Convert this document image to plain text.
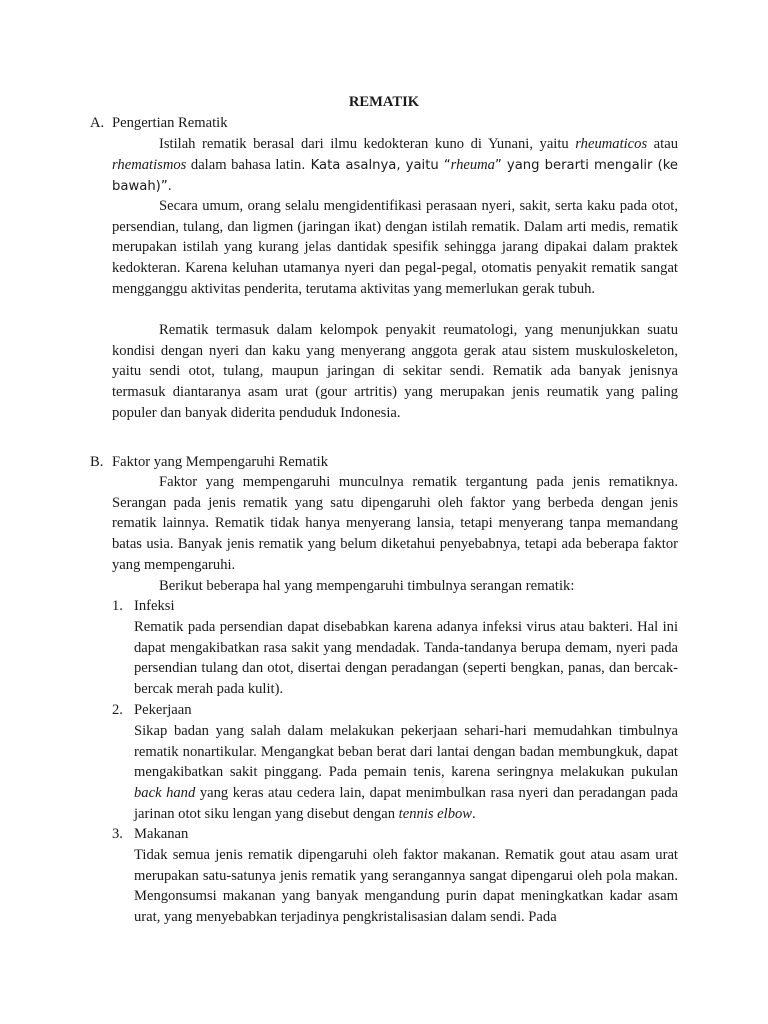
REMATIK

A. Pengertian Rematik

Istilah rematik berasal dari ilmu kedokteran kuno di Yunani, yaitu rheumaticos atau rhematismos dalam bahasa latin. Kata asalnya, yaitu “rheuma” yang berarti mengalir (ke bawah)”.

Secara umum, orang selalu mengidentifikasi perasaan nyeri, sakit, serta kaku pada otot, persendian, tulang, dan ligmen (jaringan ikat) dengan istilah rematik. Dalam arti medis, rematik merupakan istilah yang kurang jelas dantidak spesifik sehingga jarang dipakai dalam praktek kedokteran. Karena keluhan utamanya nyeri dan pegal-pegal, otomatis penyakit rematik sangat mengganggu aktivitas penderita, terutama aktivitas yang memerlukan gerak tubuh.

Rematik termasuk dalam kelompok penyakit reumatologi, yang menunjukkan suatu kondisi dengan nyeri dan kaku yang menyerang anggota gerak atau sistem muskuloskeleton, yaitu sendi otot, tulang, maupun jaringan di sekitar sendi. Rematik ada banyak jenisnya termasuk diantaranya asam urat (gour artritis) yang merupakan jenis reumatik yang paling populer dan banyak diderita penduduk Indonesia.

B. Faktor yang Mempengaruhi Rematik

Faktor yang mempengaruhi munculnya rematik tergantung pada jenis rematiknya. Serangan pada jenis rematik yang satu dipengaruhi oleh faktor yang berbeda dengan jenis rematik lainnya. Rematik tidak hanya menyerang lansia, tetapi menyerang tanpa memandang batas usia. Banyak jenis rematik yang belum diketahui penyebabnya, tetapi ada beberapa faktor yang mempengaruhi.

Berikut beberapa hal yang mempengaruhi timbulnya serangan rematik:

1. Infeksi

Rematik pada persendian dapat disebabkan karena adanya infeksi virus atau bakteri. Hal ini dapat mengakibatkan rasa sakit yang mendadak. Tanda-tandanya berupa demam, nyeri pada persendian tulang dan otot, disertai dengan peradangan (seperti bengkan, panas, dan bercak-bercak merah pada kulit).

2. Pekerjaan

Sikap badan yang salah dalam melakukan pekerjaan sehari-hari memudahkan timbulnya rematik nonartikular. Mengangkat beban berat dari lantai dengan badan membungkuk, dapat mengakibatkan sakit pinggang. Pada pemain tenis, karena seringnya melakukan pukulan back hand yang keras atau cedera lain, dapat menimbulkan rasa nyeri dan peradangan pada jarinan otot siku lengan yang disebut dengan tennis elbow.

3. Makanan

Tidak semua jenis rematik dipengaruhi oleh faktor makanan. Rematik gout atau asam urat merupakan satu-satunya jenis rematik yang serangannya sangat dipengarui oleh pola makan. Mengonsumsi makanan yang banyak mengandung purin dapat meningkatkan kadar asam urat, yang menyebabkan terjadinya pengkristalisasian dalam sendi. Pada
